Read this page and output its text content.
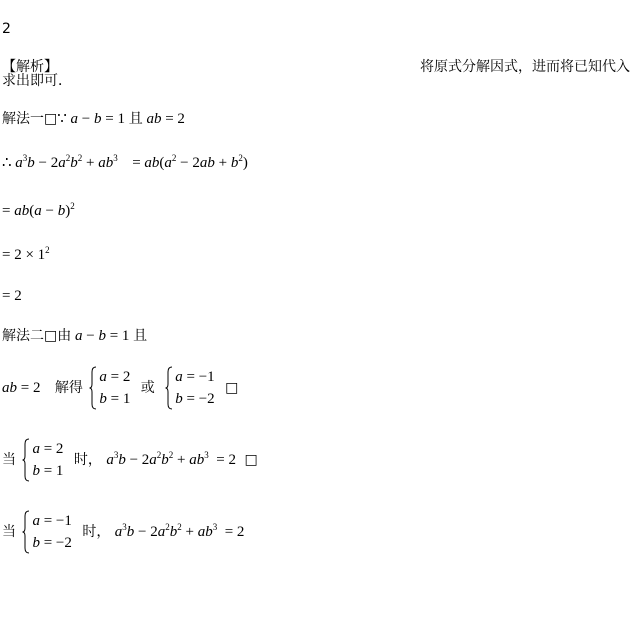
2
【解析】	将原式分解因式，进而将已知代入
求出即可．
解法一□∵ a − b = 1 且 ab = 2
∴ $a^3b - 2a^2b^2 + ab^3 = ab(a^2 - 2ab + b^2)$
= $ab(a - b)^2$
= $2 \times 1^2$
= 2
解法二□由 a − b = 1 且
ab = 2 解得
a = 2
b = 1
或
a = −1
b = −2
□
当
a = 2
b = 1
时， $a^3b - 2a^2b^2 + ab^3 = 2$ □
当
a = −1
b = −2
时， $a^3b - 2a^2b^2 + ab^3 = 2$
